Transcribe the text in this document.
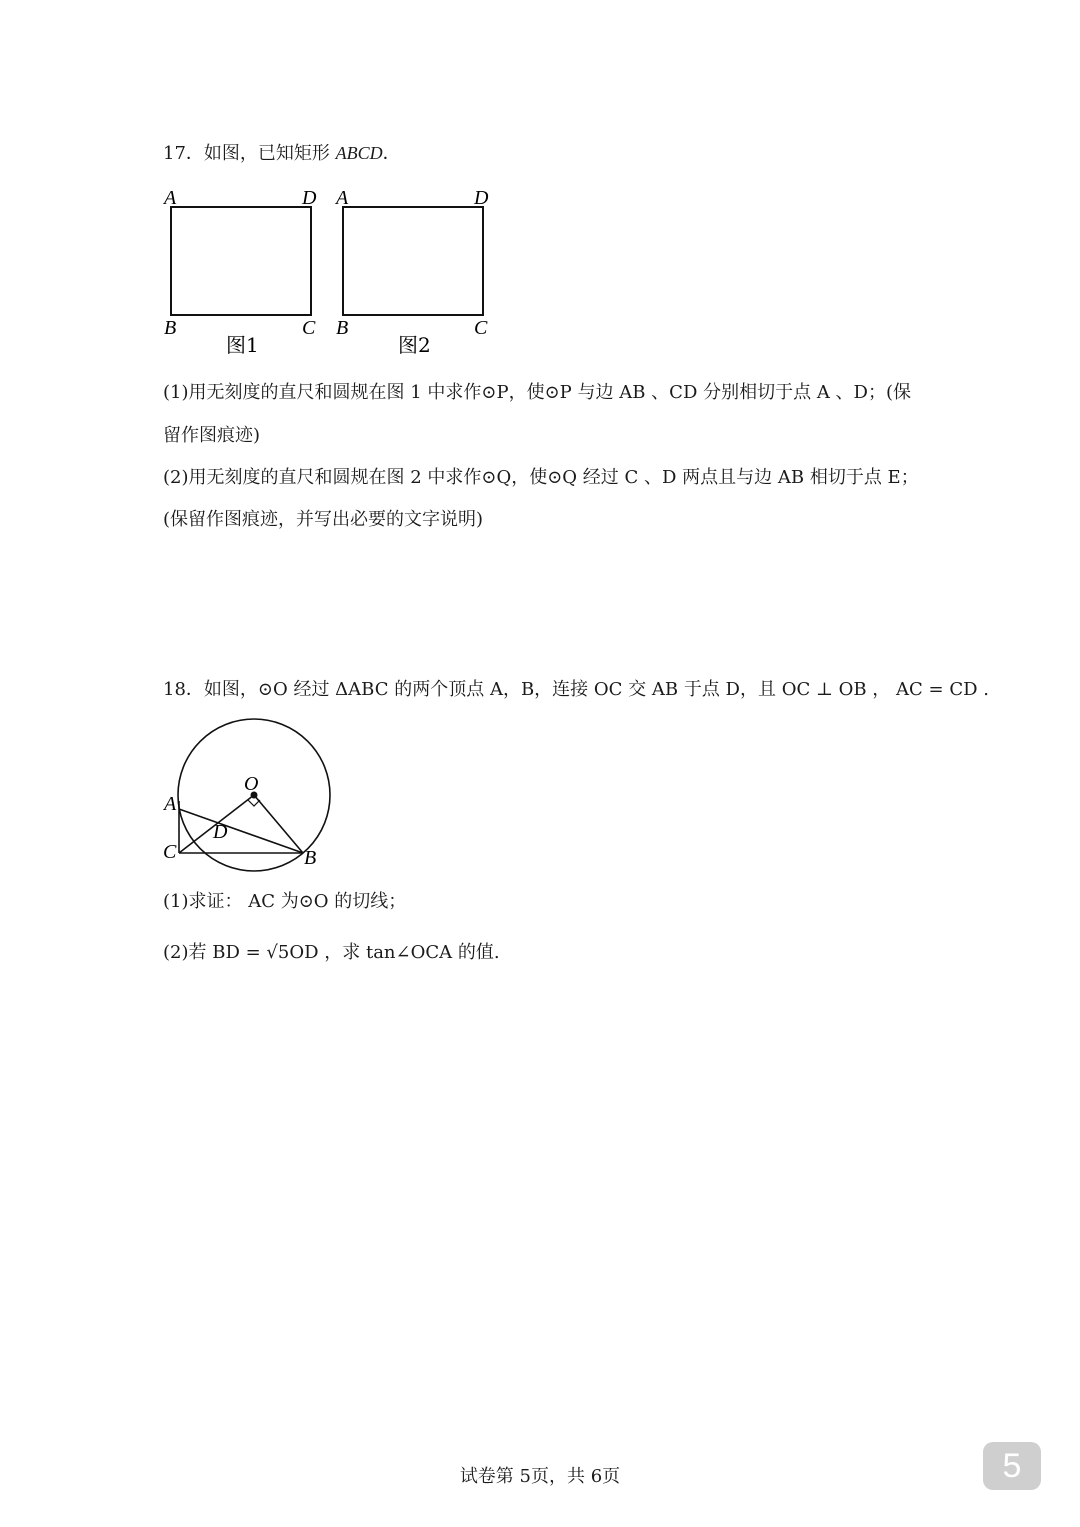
17．如图，已知矩形 ABCD．
A	D
B	C
图1
A	D
B	C
图2
(1)用无刻度的直尺和圆规在图 1 中求作⊙P，使⊙P 与边 AB 、CD 分别相切于点 A 、D；(保
留作图痕迹)
(2)用无刻度的直尺和圆规在图 2 中求作⊙Q，使⊙Q 经过 C 、D 两点且与边 AB 相切于点 E；
(保留作图痕迹，并写出必要的文字说明)
18．如图，⊙O 经过 ΔABC 的两个顶点 A，B，连接 OC 交 AB 于点 D，且 OC ⊥ OB ， AC = CD .
O
A
D
C	B
(1)求证： AC 为⊙O 的切线；
(2)若 BD = √5OD ，求 tan∠OCA 的值.
试卷第 5页，共 6页	5
